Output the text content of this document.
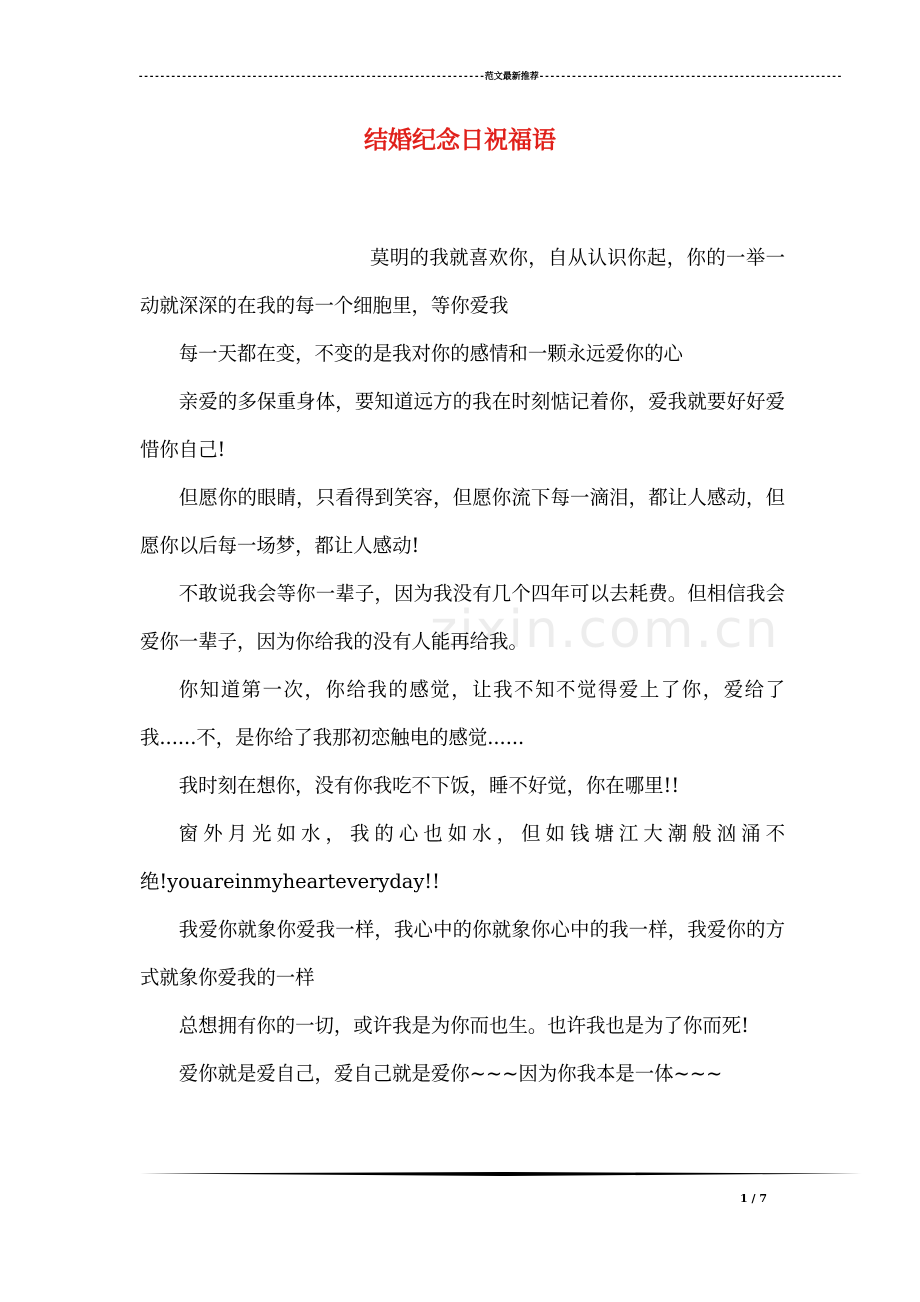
----------------------------------------------------------------范文最新推荐--------------------------------------------------------
结婚纪念日祝福语
zixin.com.cn

莫明的我就喜欢你，自从认识你起，你的一举一动就深深的在我的每一个细胞里，等你爱我

每一天都在变，不变的是我对你的感情和一颗永远爱你的心

亲爱的多保重身体，要知道远方的我在时刻惦记着你，爱我就要好好爱惜你自己!

但愿你的眼睛，只看得到笑容，但愿你流下每一滴泪，都让人感动，但愿你以后每一场梦，都让人感动!

不敢说我会等你一辈子，因为我没有几个四年可以去耗费。但相信我会爱你一辈子，因为你给我的没有人能再给我。

你知道第一次，你给我的感觉，让我不知不觉得爱上了你，爱给了我......不，是你给了我那初恋触电的感觉......

我时刻在想你，没有你我吃不下饭，睡不好觉，你在哪里!!

窗外月光如水，我的心也如水，但如钱塘江大潮般汹涌不绝!youareinmyhearteveryday!!

我爱你就象你爱我一样，我心中的你就象你心中的我一样，我爱你的方式就象你爱我的一样

总想拥有你的一切，或许我是为你而也生。也许我也是为了你而死!

爱你就是爱自己，爱自己就是爱你~~~因为你我本是一体~~~

1 / 7
